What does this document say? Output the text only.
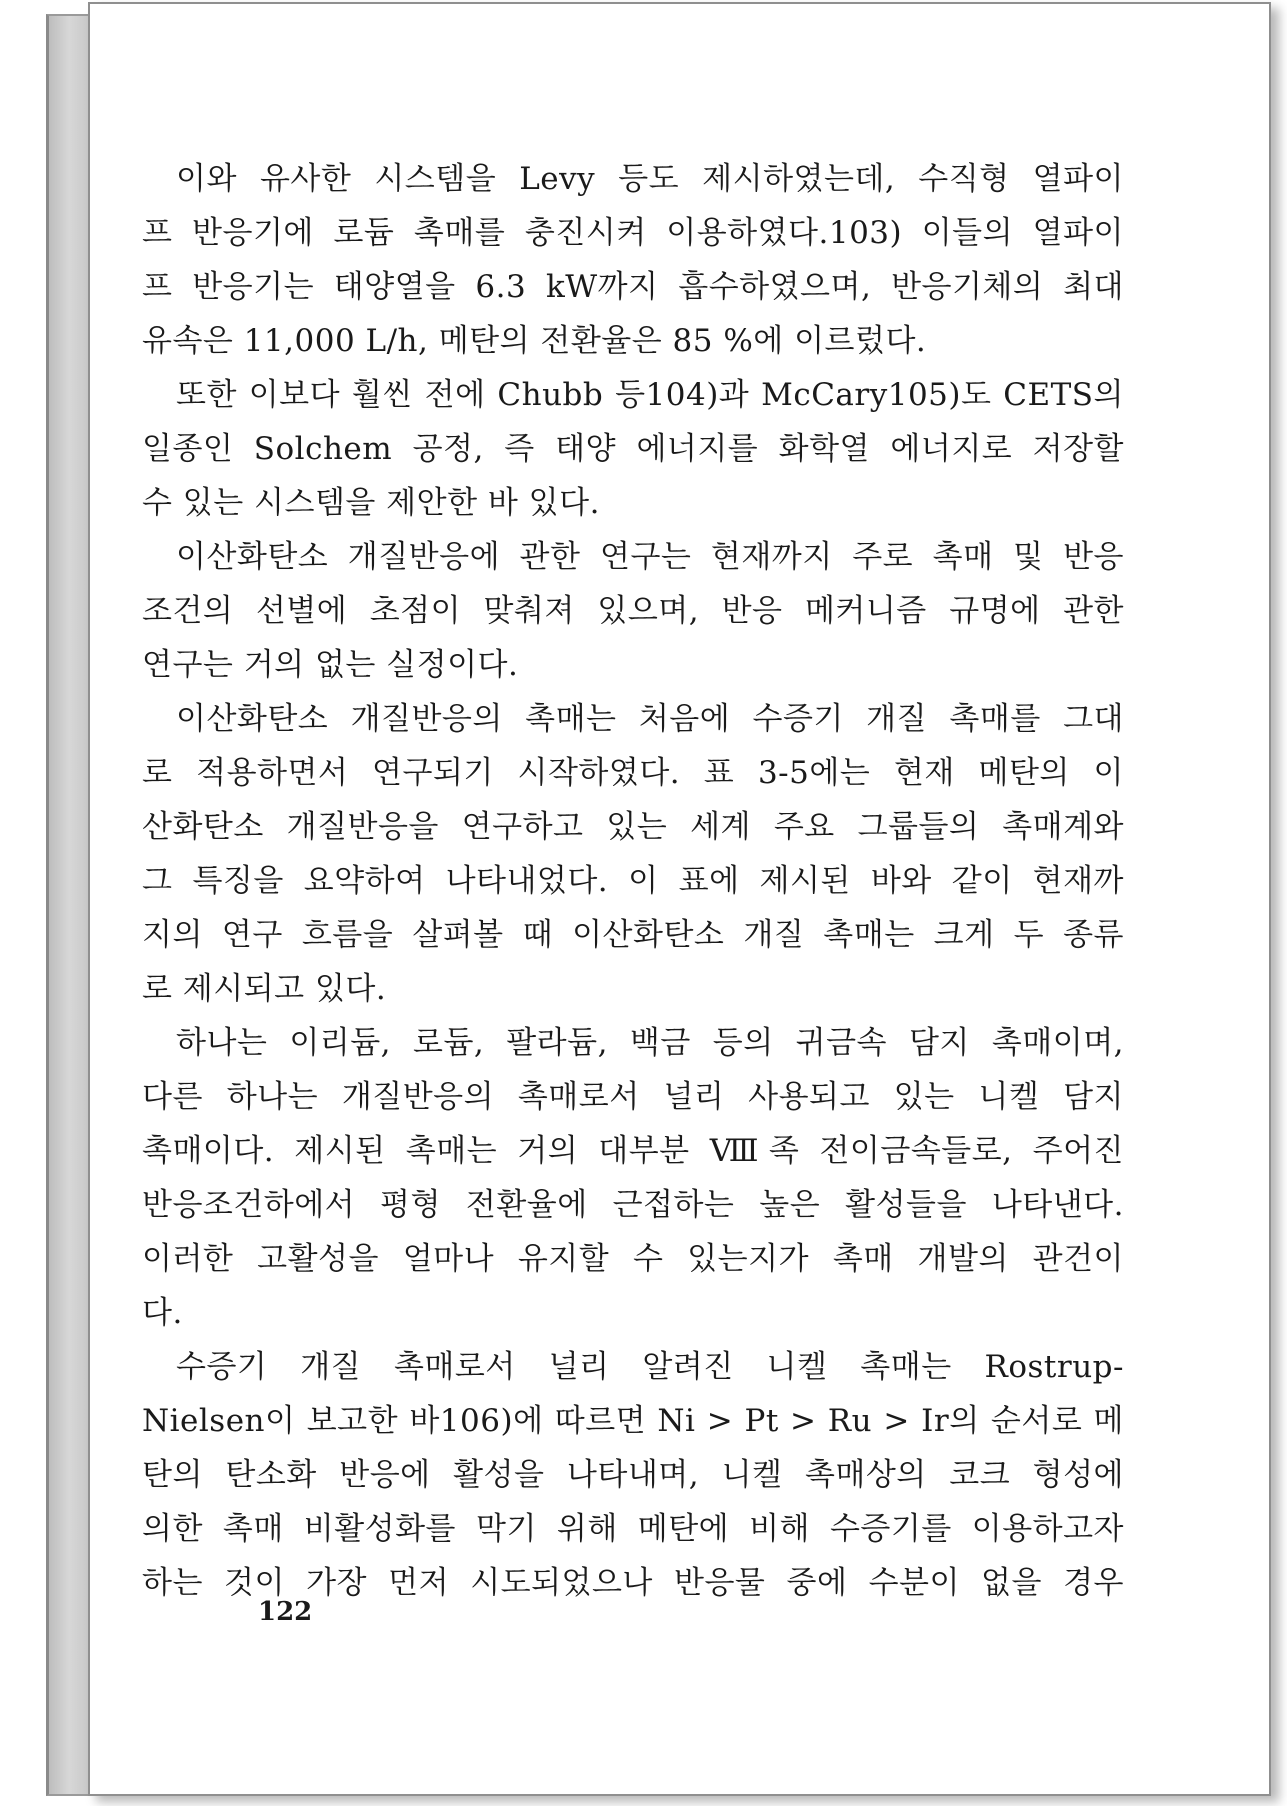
이와 유사한 시스템을 Levy 등도 제시하였는데, 수직형 열파이
프 반응기에 로듐 촉매를 충진시켜 이용하였다.103) 이들의 열파이
프 반응기는 태양열을 6.3 kW까지 흡수하였으며, 반응기체의 최대
유속은 11,000 L/h, 메탄의 전환율은 85 %에 이르렀다.
또한 이보다 훨씬 전에 Chubb 등104)과 McCary105)도 CETS의
일종인 Solchem 공정, 즉 태양 에너지를 화학열 에너지로 저장할
수 있는 시스템을 제안한 바 있다.
이산화탄소 개질반응에 관한 연구는 현재까지 주로 촉매 및 반응
조건의 선별에 초점이 맞춰져 있으며, 반응 메커니즘 규명에 관한
연구는 거의 없는 실정이다.
이산화탄소 개질반응의 촉매는 처음에 수증기 개질 촉매를 그대
로 적용하면서 연구되기 시작하였다. 표 3-5에는 현재 메탄의 이
산화탄소 개질반응을 연구하고 있는 세계 주요 그룹들의 촉매계와
그 특징을 요약하여 나타내었다. 이 표에 제시된 바와 같이 현재까
지의 연구 흐름을 살펴볼 때 이산화탄소 개질 촉매는 크게 두 종류
로 제시되고 있다.
하나는 이리듐, 로듐, 팔라듐, 백금 등의 귀금속 담지 촉매이며,
다른 하나는 개질반응의 촉매로서 널리 사용되고 있는 니켈 담지
촉매이다. 제시된 촉매는 거의 대부분 Ⅷ족 전이금속들로, 주어진
반응조건하에서 평형 전환율에 근접하는 높은 활성들을 나타낸다.
이러한 고활성을 얼마나 유지할 수 있는지가 촉매 개발의 관건이
다.
수증기 개질 촉매로서 널리 알려진 니켈 촉매는 Rostrup-
Nielsen이 보고한 바106)에 따르면 Ni > Pt > Ru > Ir의 순서로 메
탄의 탄소화 반응에 활성을 나타내며, 니켈 촉매상의 코크 형성에
의한 촉매 비활성화를 막기 위해 메탄에 비해 수증기를 이용하고자
하는 것이 가장 먼저 시도되었으나 반응물 중에 수분이 없을 경우
122
